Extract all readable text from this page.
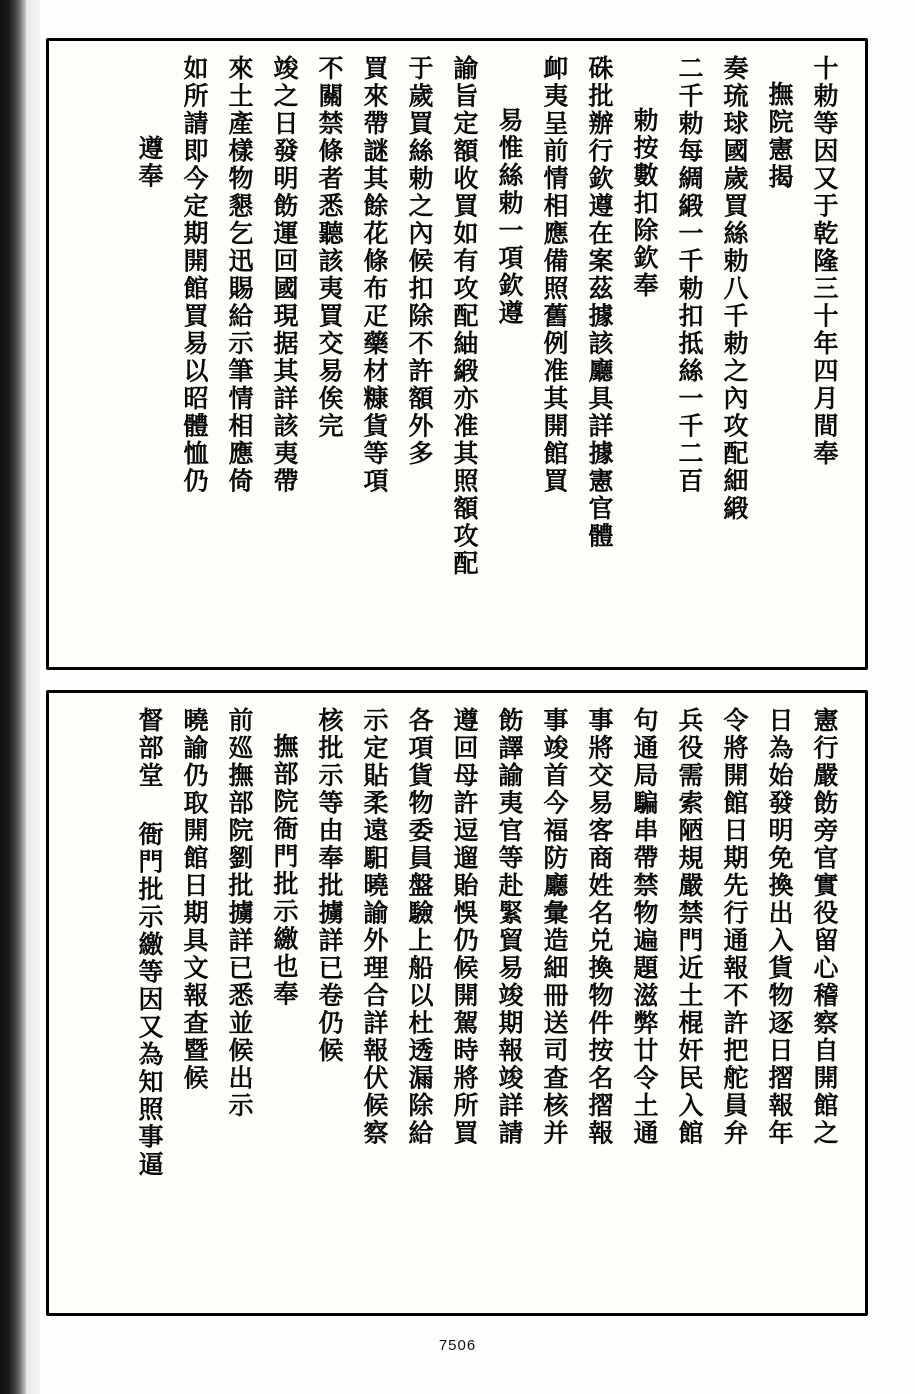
十勅等因又于乾隆三十年四月間奉
撫院憲揭
奏琉球國歲買絲勅八千勅之內攻配細緞
二千勅每綢緞一千勅扣抵絲一千二百
勅按數扣除欽奉
硃批辦行欽遵在案茲據該廳具詳據憲官體
卹夷呈前情相應備照舊例准其開館買
易惟絲勅一項欽遵
諭旨定額收買如有攻配紬緞亦准其照額攻配
于歲買絲勅之內候扣除不許額外多
買來帶謎其餘花條布疋藥材糠貨等項
不關禁條者悉聽該夷買交易俟完
竣之日發明飭運回國現据其詳該夷帶
來土產樣物懇乞迅賜給示筆情相應倚
如所請即今定期開館買易以昭體恤仍
遵奉
憲行嚴飭旁官實役留心稽察自開館之
日為始發明免換出入貨物逐日摺報年
令將開館日期先行通報不許把舵員弁
兵役需索陋規嚴禁門近土棍奸民入館
句通局騙串帶禁物遍題滋弊廿令土通
事將交易客商姓名兑換物件按名摺報
事竣首今福防廳彙造細冊送司查核并
飭譯諭夷官等赴緊貿易竣期報竣詳請
遵回母許逗遛貽悞仍候開駕時將所買
各項貨物委員盤驗上船以杜透漏除給
示定貼柔遠馹曉諭外理合詳報伏候察
核批示等由奉批擄詳已卷仍候
撫部院衙門批示繳也奉
前廵撫部院劉批擄詳已悉並候出示
曉諭仍取開館日期具文報查暨候
督部堂 衙門批示繳等因又為知照事逼
7506
